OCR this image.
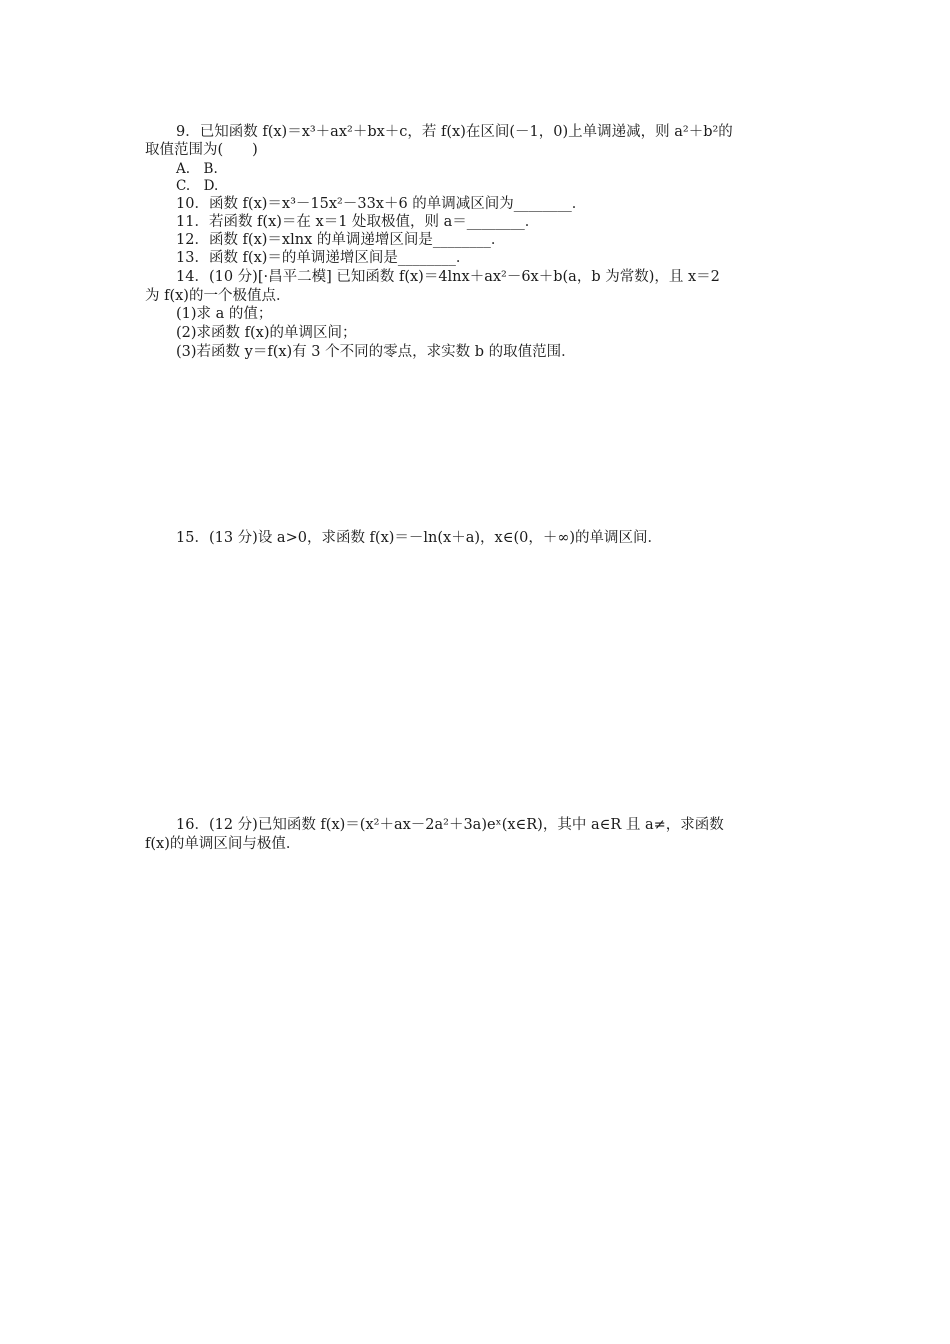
9．已知函数 f(x)＝x³＋ax²＋bx＋c，若 f(x)在区间(－1，0)上单调递减，则 a²＋b²的
取值范围为(　　)
A.　B.
C.　D.
10．函数 f(x)＝x³－15x²－33x＋6 的单调减区间为________．
11．若函数 f(x)＝在 x＝1 处取极值，则 a＝________．
12．函数 f(x)＝xlnx 的单调递增区间是________．
13．函数 f(x)＝的单调递增区间是________．
14．(10 分)[·昌平二模] 已知函数 f(x)＝4lnx＋ax²－6x＋b(a，b 为常数)，且 x＝2
为 f(x)的一个极值点．
(1)求 a 的值；
(2)求函数 f(x)的单调区间；
(3)若函数 y＝f(x)有 3 个不同的零点，求实数 b 的取值范围．
15．(13 分)设 a>0，求函数 f(x)＝－ln(x＋a)，x∈(0，＋∞)的单调区间．
16．(12 分)已知函数 f(x)＝(x²＋ax－2a²＋3a)eˣ(x∈R)，其中 a∈R 且 a≠，求函数
f(x)的单调区间与极值．
